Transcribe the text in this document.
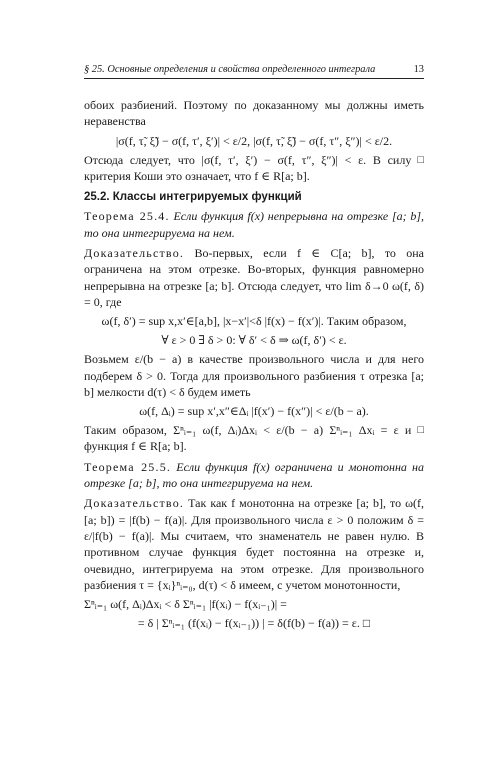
§ 25. Основные определения и свойства определенного интеграла	13

обоих разбиений. Поэтому по доказанному мы должны иметь неравенства

|σ(f, τ̃, ξ̃) − σ(f, τ′, ξ′)| < ε/2, |σ(f, τ̃, ξ̃) − σ(f, τ″, ξ″)| < ε/2.

□
Отсюда следует, что |σ(f, τ′, ξ′) − σ(f, τ″, ξ″)| < ε. В силу критерия Коши это означает, что f ∈ R[a; b].

25.2. Классы интегрируемых функций

Теорема 25.4. Если функция f(x) непрерывна на отрезке [a; b], то она интегрируема на нем.

Доказательство. Во-первых, если f ∈ C[a; b], то она ограничена на этом отрезке. Во-вторых, функция равномерно непрерывна на отрезке [a; b]. Отсюда следует, что lim δ→0 ω(f, δ) = 0, где

ω(f, δ′) = sup x,x′∈[a,b], |x−x′|<δ |f(x) − f(x′)|. Таким образом,
∀ ε > 0 ∃ δ > 0: ∀ δ′ < δ ⇒ ω(f, δ′) < ε.

Возьмем ε/(b − a) в качестве произвольного числа и для него подберем δ > 0. Тогда для произвольного разбиения τ отрезка [a; b] мелкости d(τ) < δ будем иметь

ω(f, Δᵢ) = sup x′,x″∈Δᵢ |f(x′) − f(x″)| < ε/(b − a).

□
Таким образом, Σⁿᵢ₌₁ ω(f, Δᵢ)Δxᵢ < ε/(b − a) Σⁿᵢ₌₁ Δxᵢ = ε и функция f ∈ R[a; b].

Теорема 25.5. Если функция f(x) ограничена и монотонна на отрезке [a; b], то она интегрируема на нем.

Доказательство. Так как f монотонна на отрезке [a; b], то ω(f, [a; b]) = |f(b) − f(a)|. Для произвольного числа ε > 0 положим δ = ε/|f(b) − f(a)|. Мы считаем, что знаменатель не равен нулю. В противном случае функция будет постоянна на отрезке и, очевидно, интегрируема на этом отрезке. Для произвольного разбиения τ = {xᵢ}ⁿᵢ₌₀, d(τ) < δ имеем, с учетом монотонности,

Σⁿᵢ₌₁ ω(f, Δᵢ)Δxᵢ < δ Σⁿᵢ₌₁ |f(xᵢ) − f(xᵢ₋₁)| =
= δ | Σⁿᵢ₌₁ (f(xᵢ) − f(xᵢ₋₁)) | = δ(f(b) − f(a)) = ε. □
